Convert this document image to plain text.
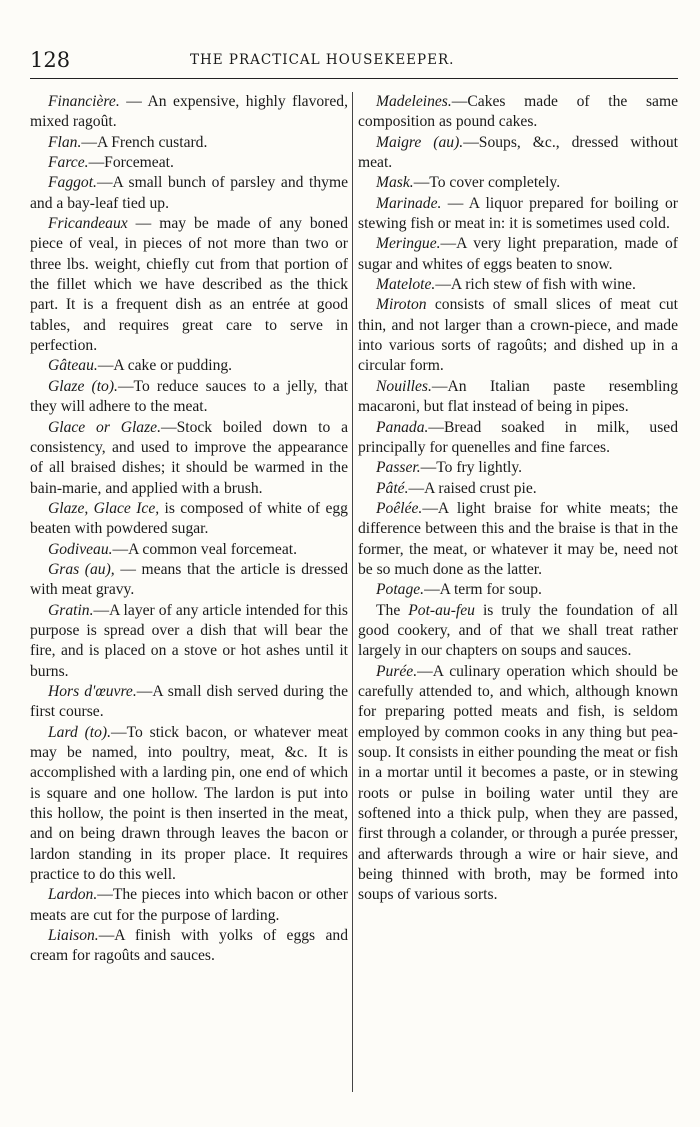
128	THE PRACTICAL HOUSEKEEPER.

Financière. — An expensive, highly flavored, mixed ragoût.

Flan.—A French custard.

Farce.—Forcemeat.

Faggot.—A small bunch of parsley and thyme and a bay-leaf tied up.

Fricandeaux — may be made of any boned piece of veal, in pieces of not more than two or three lbs. weight, chiefly cut from that portion of the fillet which we have described as the thick part. It is a frequent dish as an entrée at good tables, and requires great care to serve in perfection.

Gâteau.—A cake or pudding.

Glaze (to).—To reduce sauces to a jelly, that they will adhere to the meat.

Glace or Glaze.—Stock boiled down to a consistency, and used to improve the appearance of all braised dishes; it should be warmed in the bain-marie, and applied with a brush.

Glaze, Glace Ice, is composed of white of egg beaten with powdered sugar.

Godiveau.—A common veal forcemeat.

Gras (au), — means that the article is dressed with meat gravy.

Gratin.—A layer of any article intended for this purpose is spread over a dish that will bear the fire, and is placed on a stove or hot ashes until it burns.

Hors d'œuvre.—A small dish served during the first course.

Lard (to).—To stick bacon, or whatever meat may be named, into poultry, meat, &c. It is accomplished with a larding pin, one end of which is square and one hollow. The lardon is put into this hollow, the point is then inserted in the meat, and on being drawn through leaves the bacon or lardon standing in its proper place. It requires practice to do this well.

Lardon.—The pieces into which bacon or other meats are cut for the purpose of larding.

Liaison.—A finish with yolks of eggs and cream for ragoûts and sauces.

Madeleines.—Cakes made of the same composition as pound cakes.

Maigre (au).—Soups, &c., dressed without meat.

Mask.—To cover completely.

Marinade. — A liquor prepared for boiling or stewing fish or meat in: it is sometimes used cold.

Meringue.—A very light preparation, made of sugar and whites of eggs beaten to snow.

Matelote.—A rich stew of fish with wine.

Miroton consists of small slices of meat cut thin, and not larger than a crown-piece, and made into various sorts of ragoûts; and dished up in a circular form.

Nouilles.—An Italian paste resembling macaroni, but flat instead of being in pipes.

Panada.—Bread soaked in milk, used principally for quenelles and fine farces.

Passer.—To fry lightly.

Pâté.—A raised crust pie.

Poêlée.—A light braise for white meats; the difference between this and the braise is that in the former, the meat, or whatever it may be, need not be so much done as the latter.

Potage.—A term for soup.

The Pot-au-feu is truly the foundation of all good cookery, and of that we shall treat rather largely in our chapters on soups and sauces.

Purée.—A culinary operation which should be carefully attended to, and which, although known for preparing potted meats and fish, is seldom employed by common cooks in any thing but pea-soup. It consists in either pounding the meat or fish in a mortar until it becomes a paste, or in stewing roots or pulse in boiling water until they are softened into a thick pulp, when they are passed, first through a colander, or through a purée presser, and afterwards through a wire or hair sieve, and being thinned with broth, may be formed into soups of various sorts.
